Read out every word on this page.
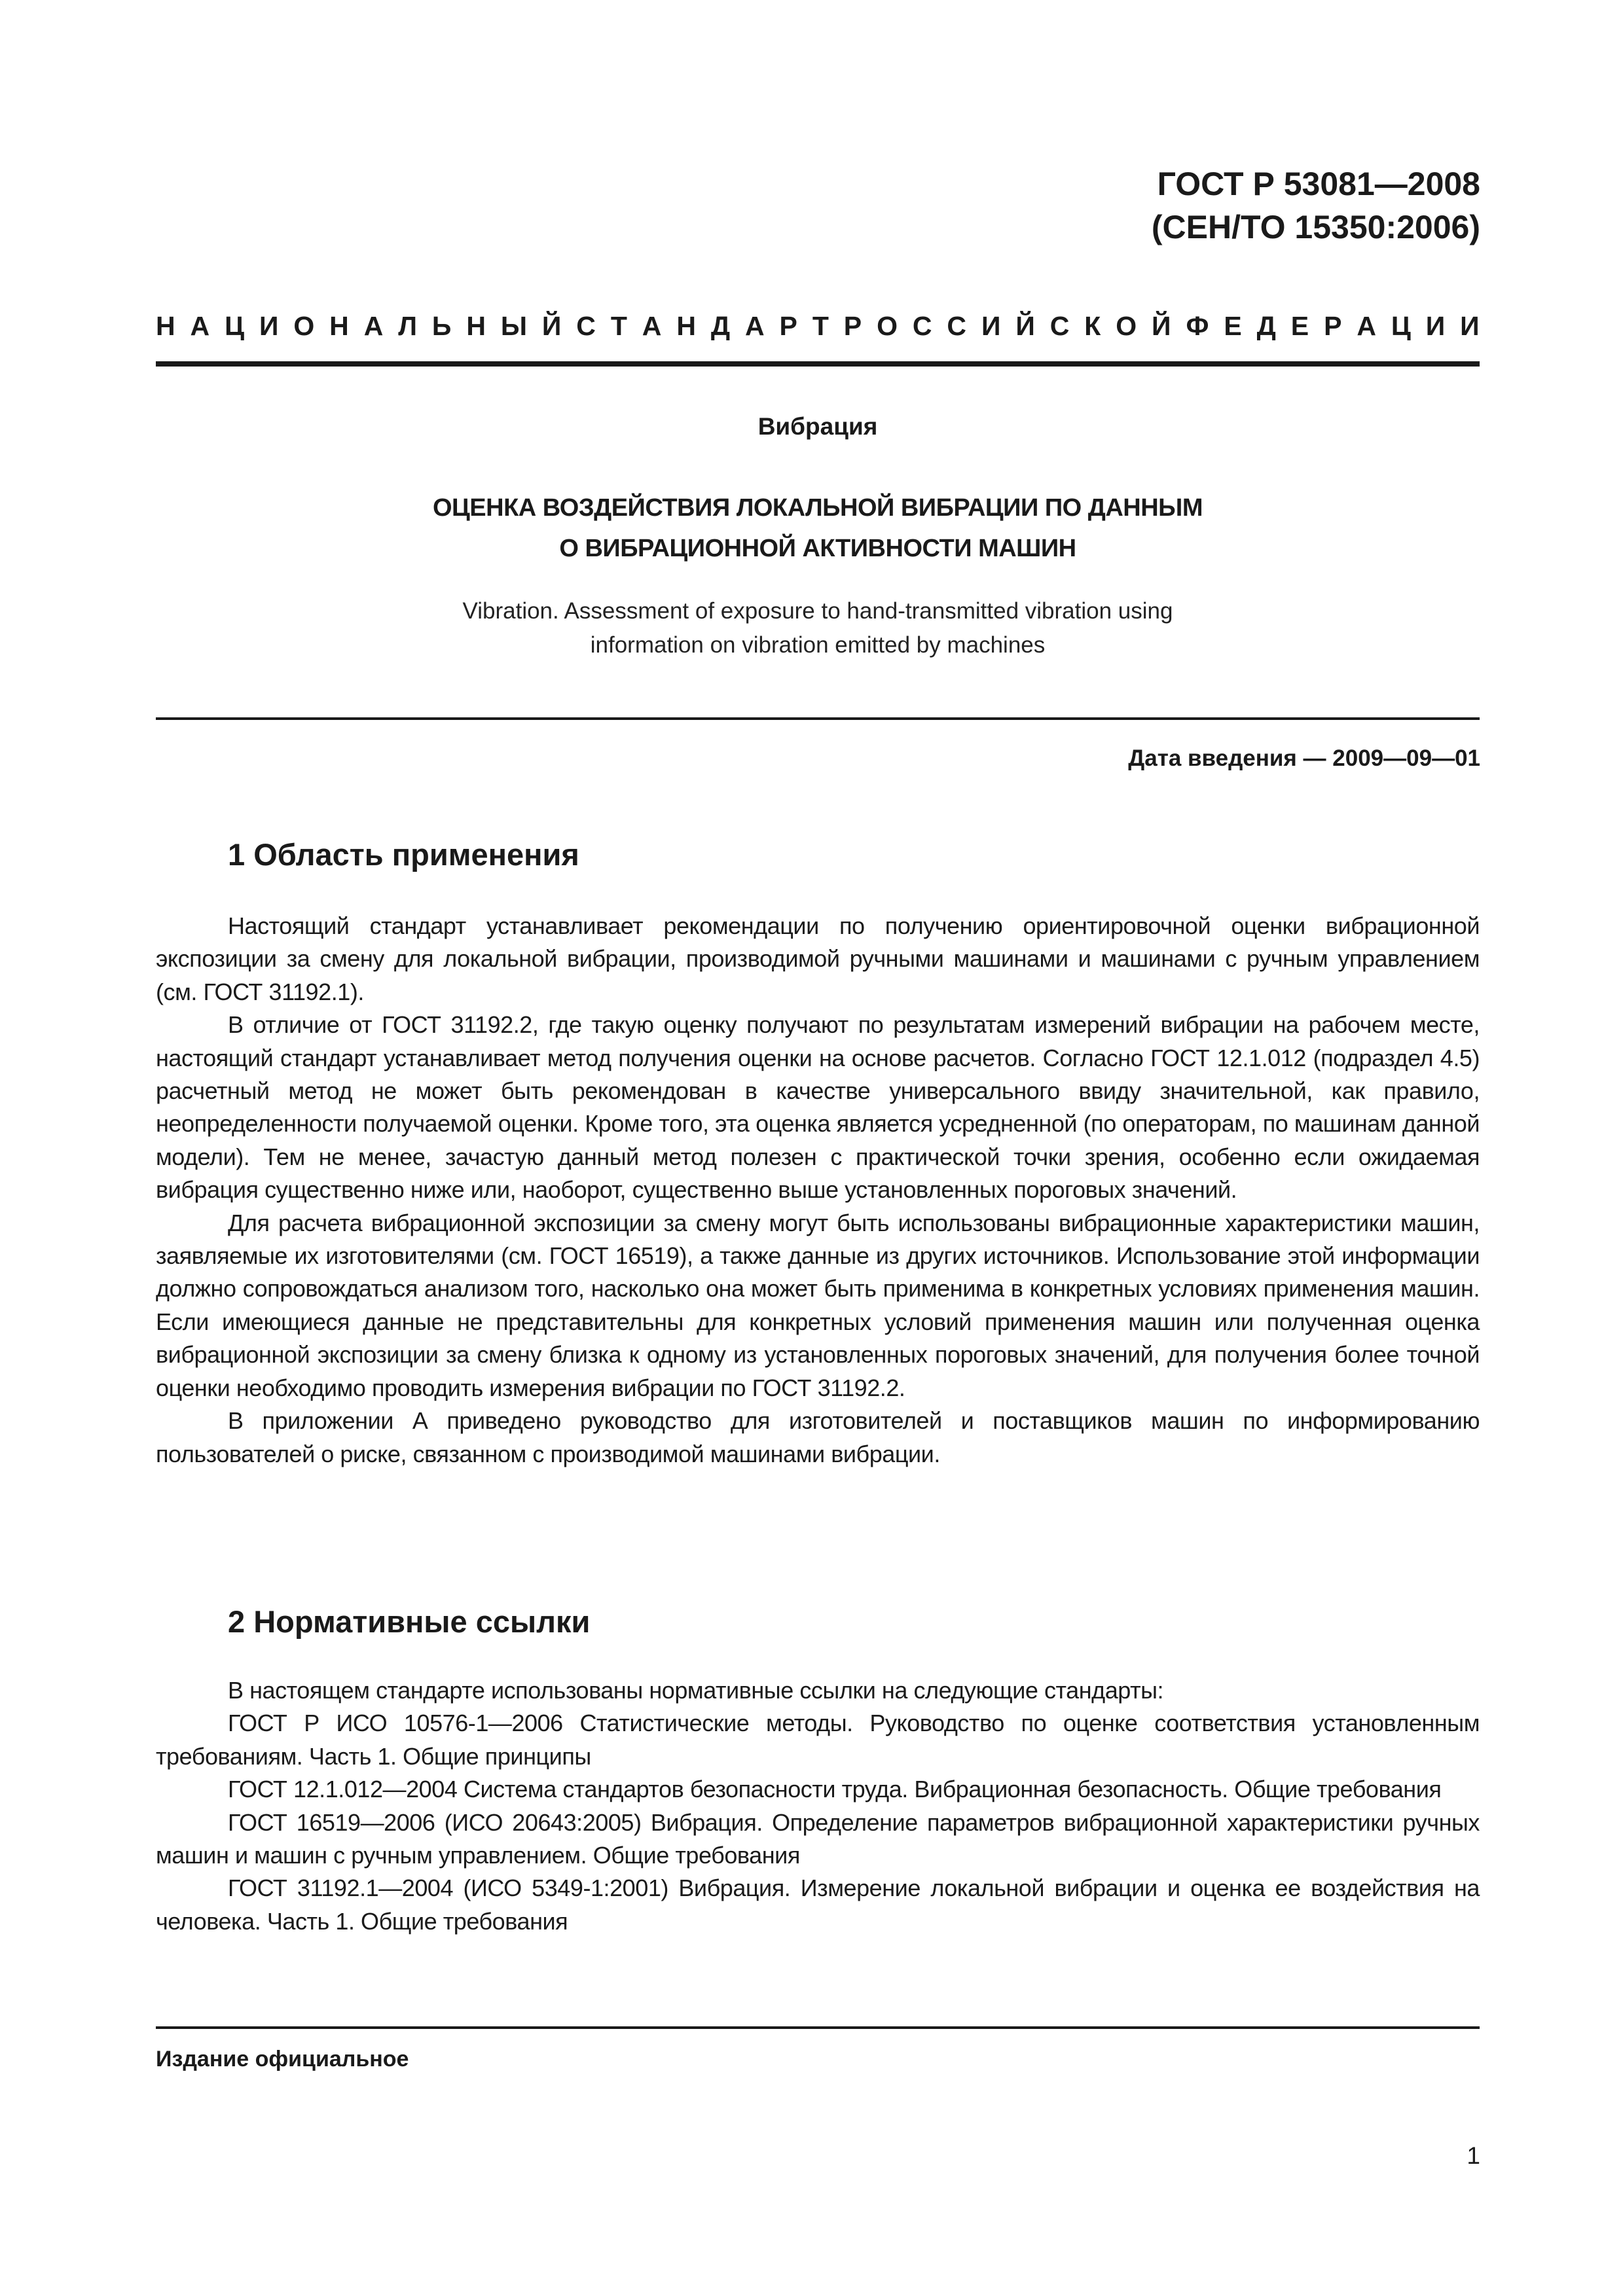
ГОСТ Р 53081—2008
(CEH/TO 15350:2006)
Н А Ц И О Н А Л Ь Н Ы Й С Т А Н Д А Р Т Р О С С И Й С К О Й Ф Е Д Е Р А Ц И И
Вибрация
ОЦЕНКА ВОЗДЕЙСТВИЯ ЛОКАЛЬНОЙ ВИБРАЦИИ ПО ДАННЫМ
О ВИБРАЦИОННОЙ АКТИВНОСТИ МАШИН
Vibration. Assessment of exposure to hand-transmitted vibration using
information on vibration emitted by machines
Дата введения — 2009—09—01
1 Область применения

Настоящий стандарт устанавливает рекомендации по получению ориентировочной оценки вибрационной экспозиции за смену для локальной вибрации, производимой ручными машинами и машинами с ручным управлением (см. ГОСТ 31192.1).

В отличие от ГОСТ 31192.2, где такую оценку получают по результатам измерений вибрации на рабочем месте, настоящий стандарт устанавливает метод получения оценки на основе расчетов. Согласно ГОСТ 12.1.012 (подраздел 4.5) расчетный метод не может быть рекомендован в качестве универсального ввиду значительной, как правило, неопределенности получаемой оценки. Кроме того, эта оценка является усредненной (по операторам, по машинам данной модели). Тем не менее, зачастую данный метод полезен с практической точки зрения, особенно если ожидаемая вибрация существенно ниже или, наоборот, существенно выше установленных пороговых значений.

Для расчета вибрационной экспозиции за смену могут быть использованы вибрационные характеристики машин, заявляемые их изготовителями (см. ГОСТ 16519), а также данные из других источников. Использование этой информации должно сопровождаться анализом того, насколько она может быть применима в конкретных условиях применения машин. Если имеющиеся данные не представительны для конкретных условий применения машин или полученная оценка вибрационной экспозиции за смену близка к одному из установленных пороговых значений, для получения более точной оценки необходимо проводить измерения вибрации по ГОСТ 31192.2.

В приложении А приведено руководство для изготовителей и поставщиков машин по информированию пользователей о риске, связанном с производимой машинами вибрации.

2 Нормативные ссылки

В настоящем стандарте использованы нормативные ссылки на следующие стандарты:

ГОСТ Р ИСО 10576-1—2006 Статистические методы. Руководство по оценке соответствия установленным требованиям. Часть 1. Общие принципы

ГОСТ 12.1.012—2004 Система стандартов безопасности труда. Вибрационная безопасность. Общие требования

ГОСТ 16519—2006 (ИСО 20643:2005) Вибрация. Определение параметров вибрационной характеристики ручных машин и машин с ручным управлением. Общие требования

ГОСТ 31192.1—2004 (ИСО 5349-1:2001) Вибрация. Измерение локальной вибрации и оценка ее воздействия на человека. Часть 1. Общие требования

Издание официальное
1
